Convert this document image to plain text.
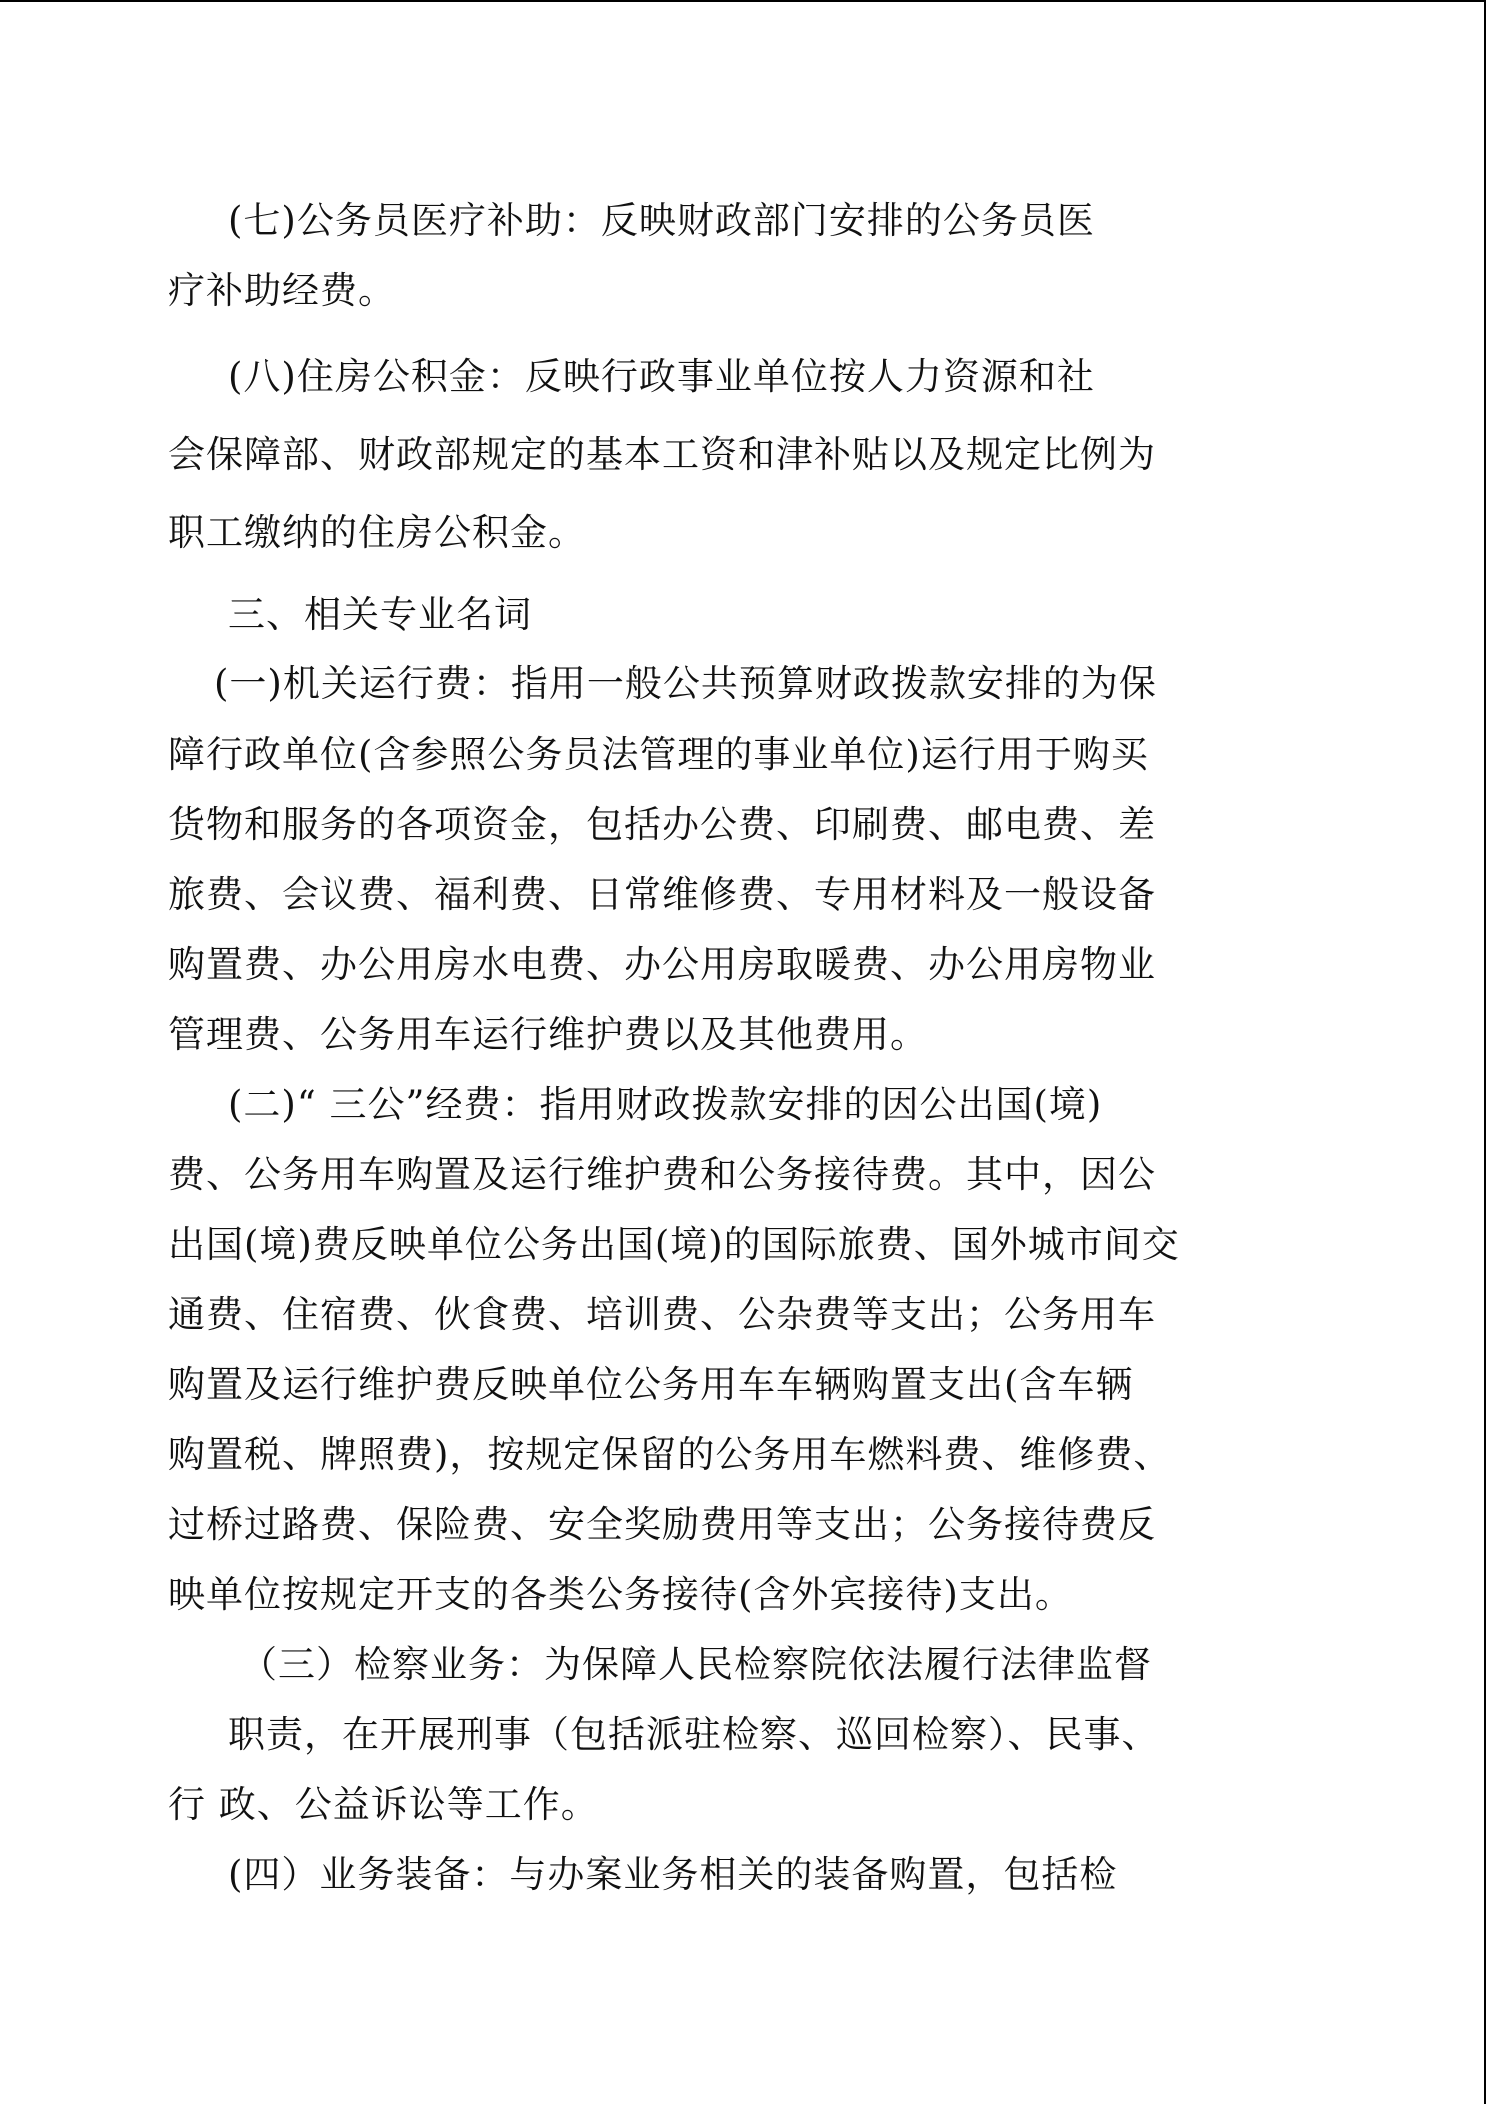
(七)公务员医疗补助：反映财政部门安排的公务员医

疗补助经费。

(八)住房公积金：反映行政事业单位按人力资源和社

会保障部、财政部规定的基本工资和津补贴以及规定比例为

职工缴纳的住房公积金。

三、相关专业名词

(一)机关运行费：指用一般公共预算财政拨款安排的为保

障行政单位(含参照公务员法管理的事业单位)运行用于购买

货物和服务的各项资金，包括办公费、印刷费、邮电费、差

旅费、会议费、福利费、日常维修费、专用材料及一般设备

购置费、办公用房水电费、办公用房取暖费、办公用房物业

管理费、公务用车运行维护费以及其他费用。

(二)“ 三公”经费：指用财政拨款安排的因公出国(境)

费、公务用车购置及运行维护费和公务接待费。其中，因公

出国(境)费反映单位公务出国(境)的国际旅费、国外城市间交

通费、住宿费、伙食费、培训费、公杂费等支出；公务用车

购置及运行维护费反映单位公务用车车辆购置支出(含车辆

购置税、牌照费)，按规定保留的公务用车燃料费、维修费、

过桥过路费、保险费、安全奖励费用等支出；公务接待费反

映单位按规定开支的各类公务接待(含外宾接待)支出。

（三）检察业务：为保障人民检察院依法履行法律监督

职责，在开展刑事（包括派驻检察、巡回检察）、民事、

行 政、公益诉讼等工作。

(四）业务装备：与办案业务相关的装备购置，包括检
